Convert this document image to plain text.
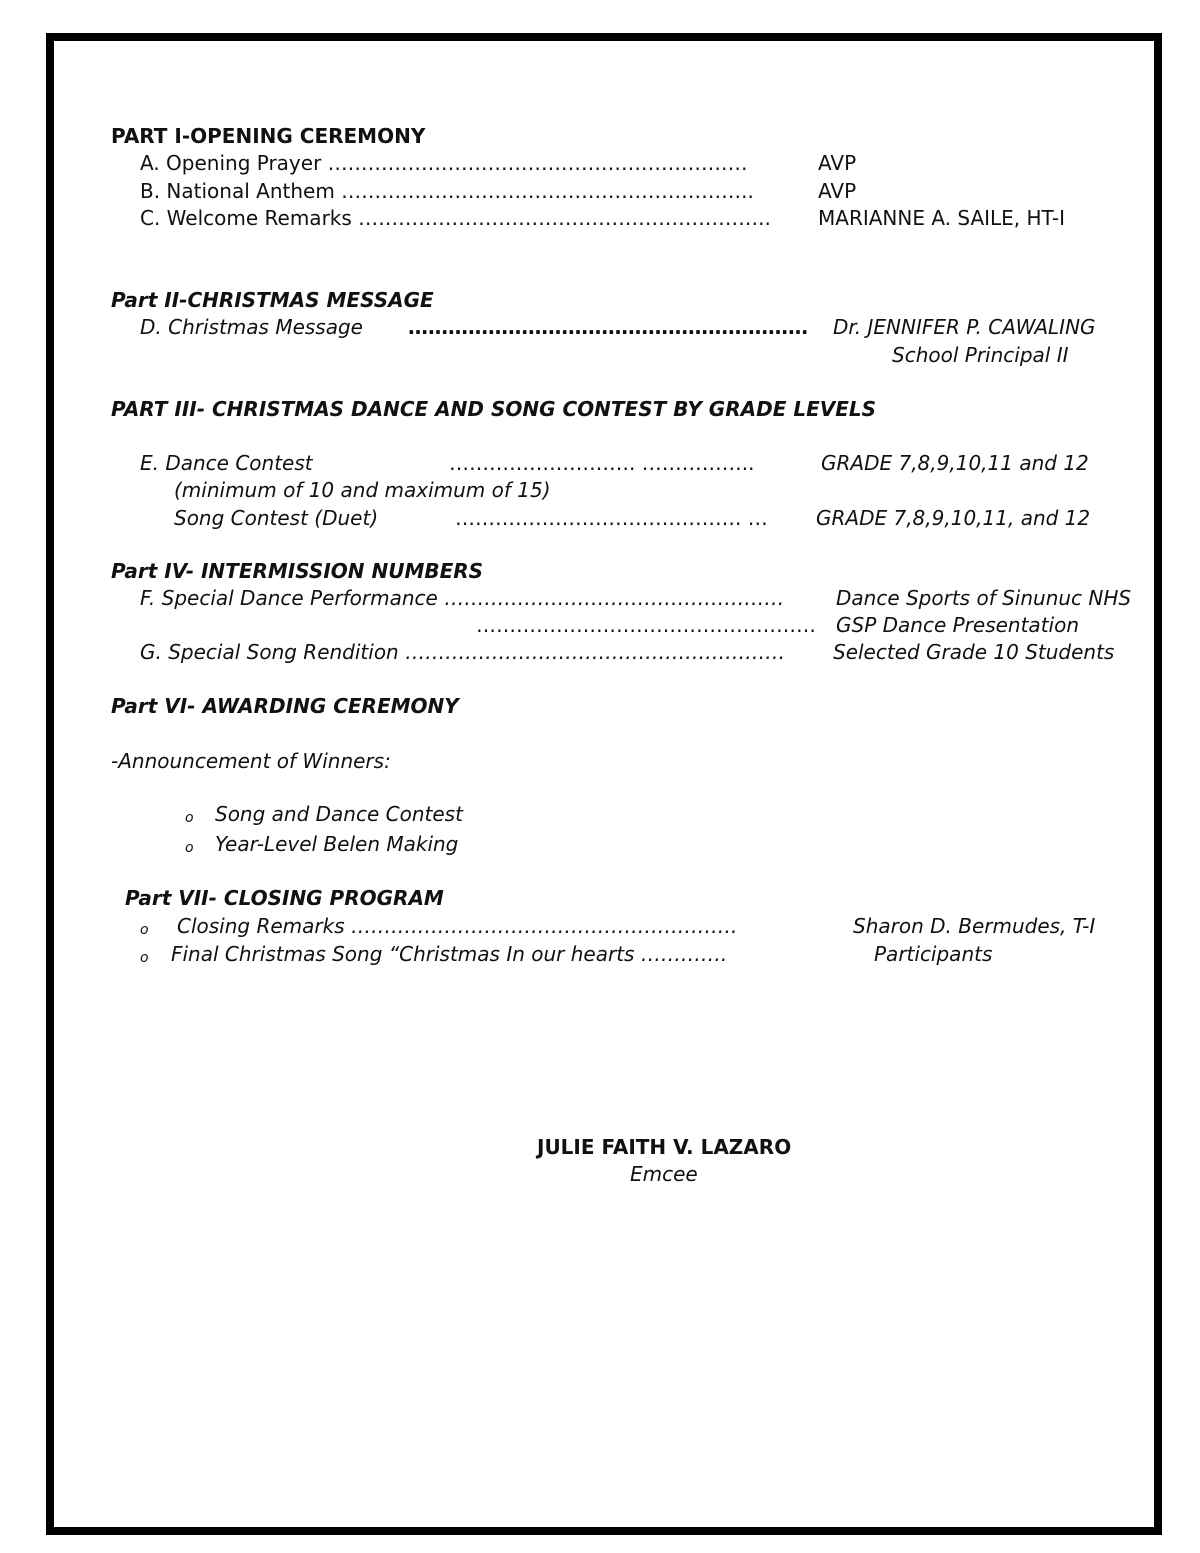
PART I-OPENING CEREMONY
A. Opening Prayer ………………………………………………………	AVP
B. National Anthem ……………………………………………………..	AVP
C. Welcome Remarks …………………………………………………….. MARIANNE A. SAILE, HT-I
Part II-CHRISTMAS MESSAGE
D. Christmas Message …………………………………………………… Dr. JENNIFER P. CAWALING
School Principal II
PART III- CHRISTMAS DANCE AND SONG CONTEST BY GRADE LEVELS
E. Dance Contest	………………………. ……………..	GRADE 7,8,9,10,11 and 12
(minimum of 10 and maximum of 15)
Song Contest (Duet)	……………………………………. … GRADE 7,8,9,10,11, and 12
Part IV- INTERMISSION NUMBERS
F. Special Dance Performance ……………………………………………	Dance Sports of Sinunuc NHS
…………………………………………… GSP Dance Presentation
G. Special Song Rendition ………………………………………………… Selected Grade 10 Students
Part VI- AWARDING CEREMONY
-Announcement of Winners:
o Song and Dance Contest
o Year-Level Belen Making
Part VII- CLOSING PROGRAM
o Closing Remarks ………………………………………………….	Sharon D. Bermudes, T-I
o Final Christmas Song “Christmas In our hearts ………….	Participants
JULIE FAITH V. LAZARO
Emcee
